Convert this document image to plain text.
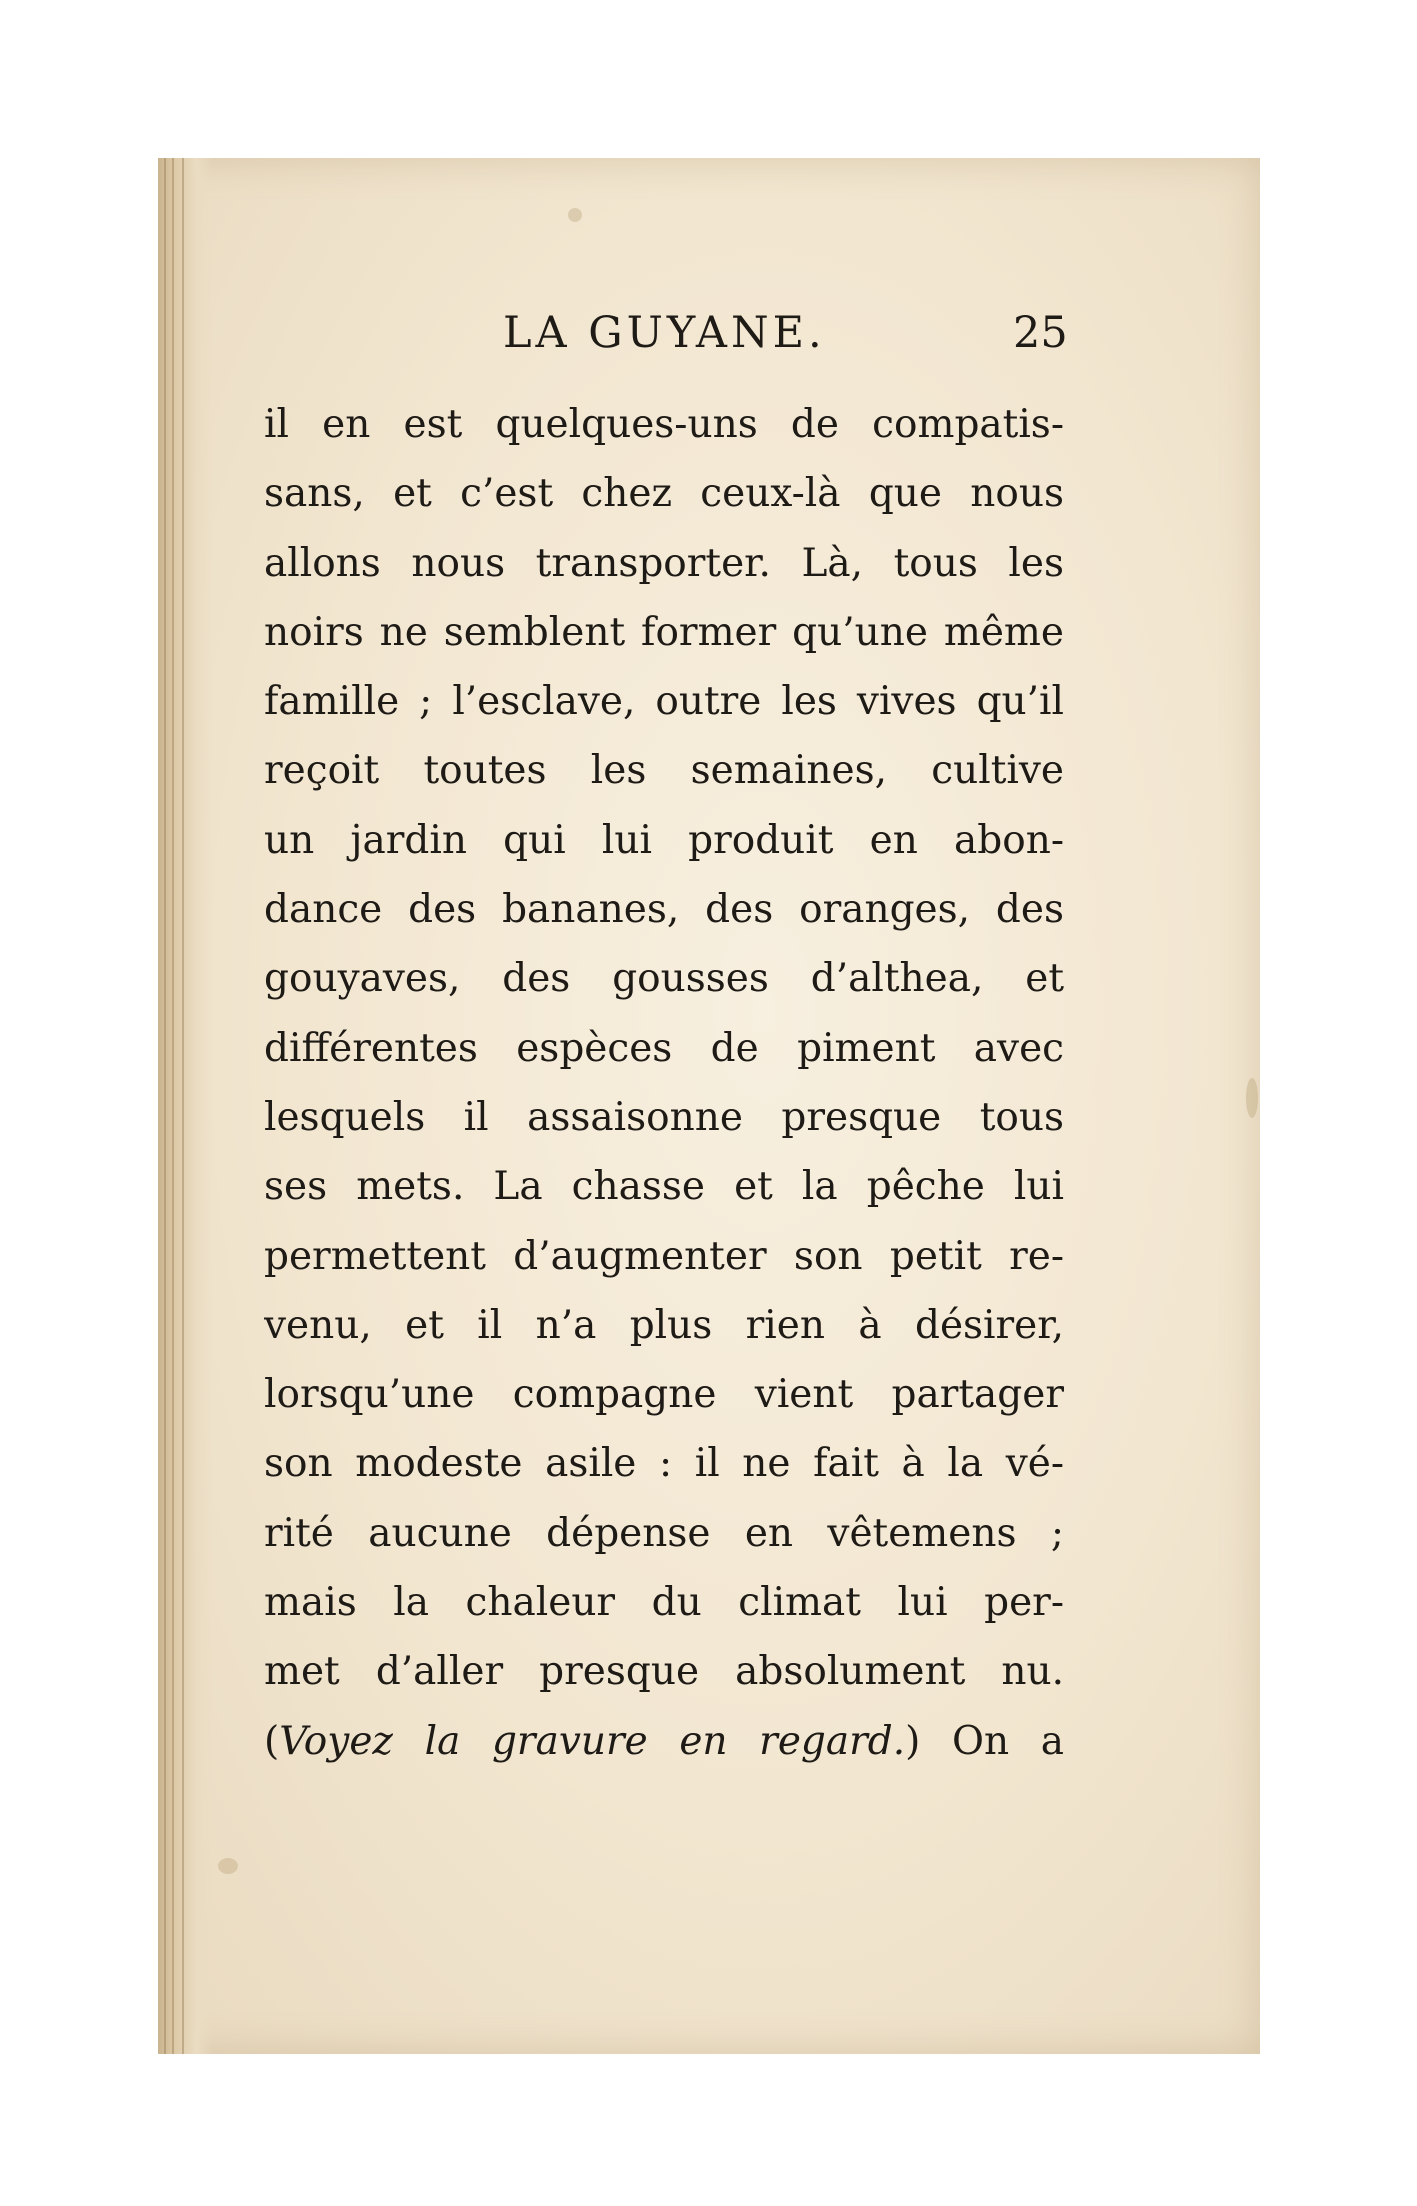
LA GUYANE.	25
il en est quelques-uns de compatis-
sans, et c’est chez ceux-là que nous
allons nous transporter. Là, tous les
noirs ne semblent former qu’une même
famille ; l’esclave, outre les vives qu’il
reçoit toutes les semaines, cultive
un jardin qui lui produit en abon-
dance des bananes, des oranges, des
gouyaves, des gousses d’althea, et
différentes espèces de piment avec
lesquels il assaisonne presque tous
ses mets. La chasse et la pêche lui
permettent d’augmenter son petit re-
venu, et il n’a plus rien à désirer,
lorsqu’une compagne vient partager
son modeste asile : il ne fait à la vé-
rité aucune dépense en vêtemens ;
mais la chaleur du climat lui per-
met d’aller presque absolument nu.
(Voyez la gravure en regard.) On a
